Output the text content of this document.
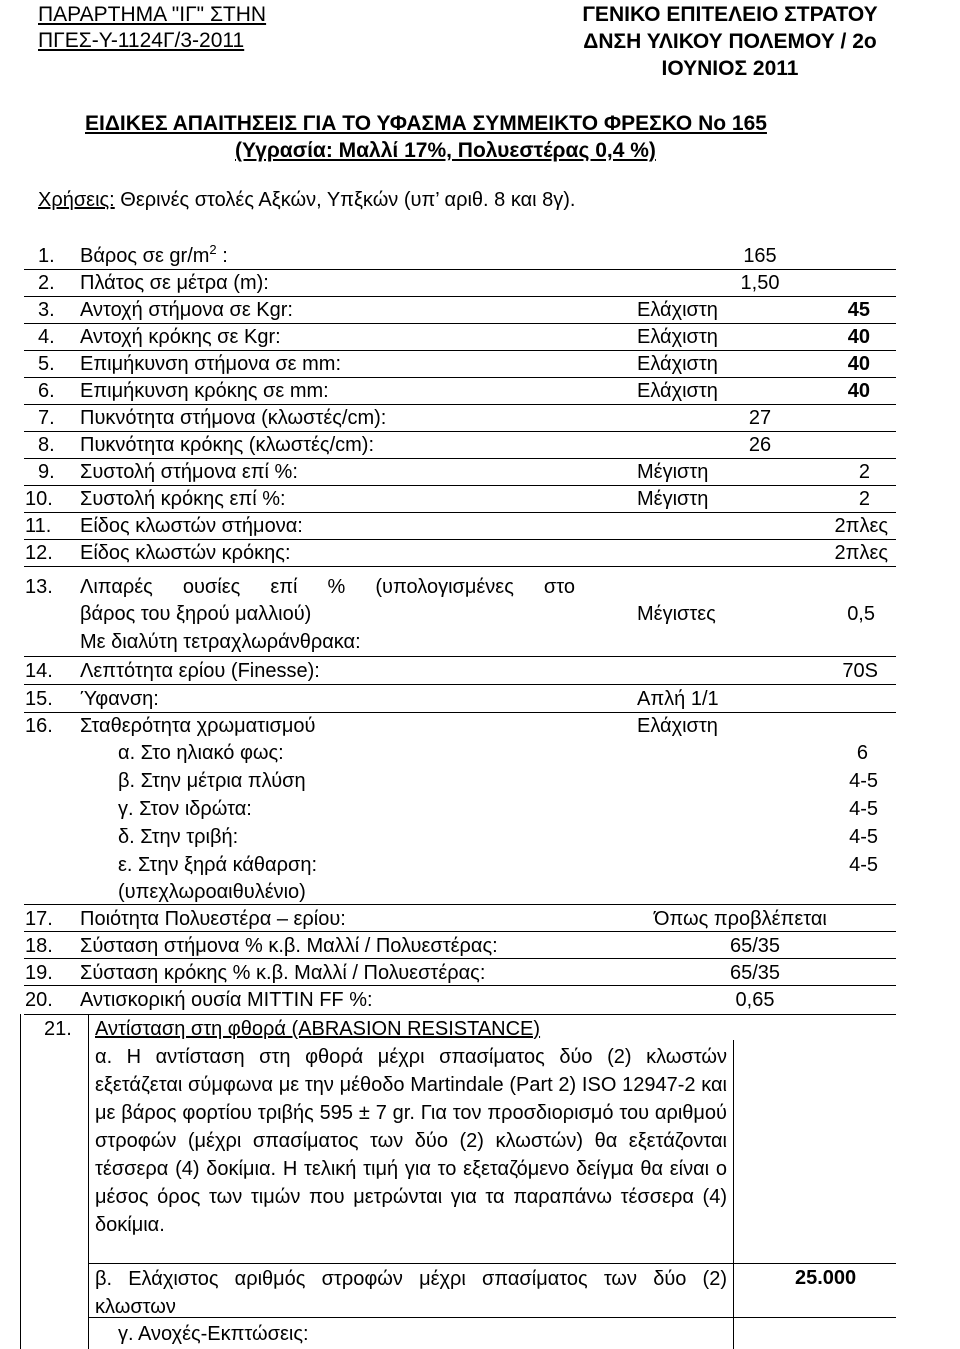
ΠΑΡΑΡΤΗΜΑ "ΙΓ" ΣΤΗΝ
ΠΓΕΣ-Υ-1124Γ/3-2011
ΓΕΝΙΚΟ ΕΠΙΤΕΛΕΙΟ ΣΤΡΑΤΟΥ
ΔΝΣΗ ΥΛΙΚΟΥ ΠΟΛΕΜΟΥ / 2ο
ΙΟΥΝΙΟΣ 2011
ΕΙΔΙΚΕΣ ΑΠΑΙΤΗΣΕΙΣ ΓΙΑ ΤΟ ΥΦΑΣΜΑ ΣΥΜΜΕΙΚΤΟ ΦΡΕΣΚΟ Νο 165
(Υγρασία: Μαλλί 17%, Πολυεστέρας 0,4 %)
Χρήσεις: Θερινές στολές Αξκών, Υπξκών (υπ’ αριθ. 8 και 8γ).
1. Βάρος σε $gr/m^2$ :	165
2. Πλάτος σε μέτρα (m):	1,50
3. Αντοχή στήμονα σε Kgr:	Ελάχιστη	45
4. Αντοχή κρόκης σε Kgr:	Ελάχιστη	40
5. Επιμήκυνση στήμονα σε mm:	Ελάχιστη	40
6. Επιμήκυνση κρόκης σε mm:	Ελάχιστη	40
7. Πυκνότητα στήμονα (κλωστές/cm):	27
8. Πυκνότητα κρόκης (κλωστές/cm):	26
9. Συστολή στήμονα επί %:	Μέγιστη	2
10. Συστολή κρόκης επί %:	Μέγιστη	2
11. Είδος κλωστών στήμονα:	2πλες
12. Είδος κλωστών κρόκης:	2πλες
13. Λιπαρές ουσίες επί % (υπολογισμένες στο
βάρος του ξηρού μαλλιού)
Με διαλύτη τετραχλωράνθρακα:
Μέγιστες	0,5
14. Λεπτότητα ερίου (Finesse):	70S
15. Ύφανση:	Απλή 1/1
16. Σταθερότητα χρωματισμού	Ελάχιστη
α. Στο ηλιακό φως:	6
β. Στην μέτρια πλύση	4-5
γ. Στον ιδρώτα:	4-5
δ. Στην τριβή:	4-5
ε. Στην ξηρά κάθαρση:
(υπεχλωροαιθυλένιο)
4-5
17. Ποιότητα Πολυεστέρα – ερίου:	Όπως προβλέπεται
18. Σύσταση στήμονα % κ.β. Μαλλί / Πολυεστέρας:	65/35
19. Σύσταση κρόκης % κ.β. Μαλλί / Πολυεστέρας:	65/35
20. Αντισκορική ουσία MITTIN FF %:	0,65
21. Αντίσταση στη φθορά (ABRASION RESISTANCE)
α. Η αντίσταση στη φθορά μέχρι σπασίματος δύο (2) κλωστών εξετάζεται σύμφωνα με την μέθοδο Martindale (Part 2) ISO 12947-2 και με βάρος φορτίου τριβής 595 ± 7 gr. Για τον προσδιορισμό του αριθμού στροφών (μέχρι σπασίματος των δύο (2) κλωστών) θα εξετάζονται τέσσερα (4) δοκίμια. Η τελική τιμή για το εξεταζόμενο δείγμα θα είναι ο μέσος όρος των τιμών που μετρώνται για τα παραπάνω τέσσερα (4) δοκίμια.
β. Ελάχιστος αριθμός στροφών μέχρι σπασίματος των δύο (2) κλωστων
25.000
γ. Ανοχές-Εκπτώσεις:
